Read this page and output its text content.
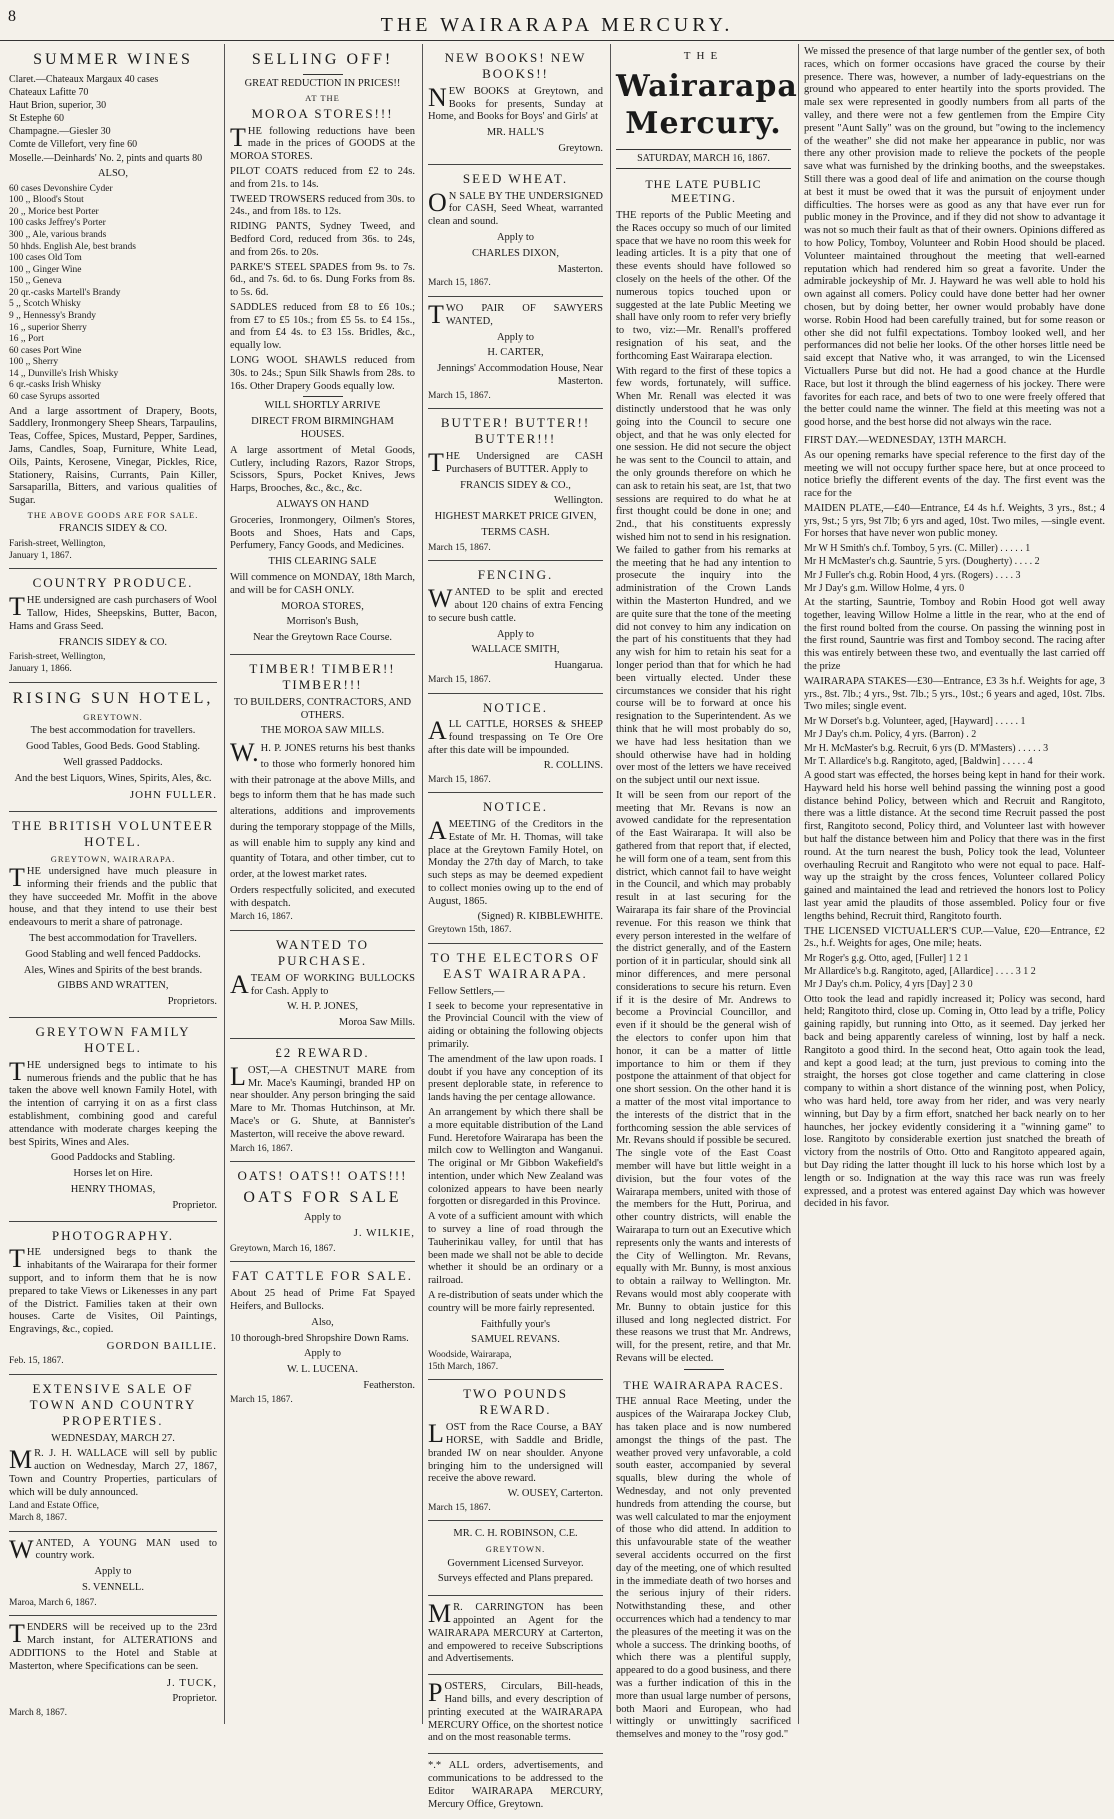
8	THE WAIRARAPA MERCURY.
SUMMER WINES
Claret.—Chateaux Margaux 40 cases
Chateaux Lafitte 70
Haut Brion, superior, 30
St Estephe 60
Champagne.—Giesler 30
Comte de Villefort, very fine 60
Moselle.—Deinhards' No. 2, pints and quarts 80
ALSO,
60 cases Devonshire Cyder
100 ,, Blood's Stout
20 ,, Morice best Porter
100 casks Jeffrey's Porter
300 ,, Ale, various brands
50 hhds. English Ale, best brands
100 cases Old Tom
100 ,, Ginger Wine
150 ,, Geneva
20 qr.-casks Martell's Brandy
5 ,, Scotch Whisky
9 ,, Hennessy's Brandy
16 ,, superior Sherry
16 ,, Port
60 cases Port Wine
100 ,, Sherry
14 ,, Dunville's Irish Whisky
6 qr.-casks Irish Whisky
60 case Syrups assorted
And a large assortment of Drapery, Boots, Saddlery, Ironmongery Sheep Shears, Tarpaulins, Teas, Coffee, Spices, Mustard, Pepper, Sardines, Jams, Candles, Soap, Furniture, White Lead, Oils, Paints, Kerosene, Vinegar, Pickles, Rice, Stationery, Raisins, Currants, Pain Killer, Sarsaparilla, Bitters, and various qualities of Sugar.
THE ABOVE GOODS ARE FOR SALE.
FRANCIS SIDEY & CO.
Farish-street, Wellington,
January 1, 1867.
COUNTRY PRODUCE.
THE undersigned are cash purchasers of Wool Tallow, Hides, Sheepskins, Butter, Bacon, Hams and Grass Seed.
FRANCIS SIDEY & CO.
Farish-street, Wellington,
January 1, 1866.
RISING SUN HOTEL,
GREYTOWN.
The best accommodation for travellers.
Good Tables, Good Beds. Good Stabling.
Well grassed Paddocks.
And the best Liquors, Wines, Spirits, Ales, &c.
JOHN FULLER.
THE BRITISH VOLUNTEER HOTEL.
GREYTOWN, WAIRARAPA.
THE undersigned have much pleasure in informing their friends and the public that they have succeeded Mr. Moffit in the above house, and that they intend to use their best endeavours to merit a share of patronage.
The best accommodation for Travellers.
Good Stabling and well fenced Paddocks.
Ales, Wines and Spirits of the best brands.
GIBBS AND WRATTEN,
Proprietors.
GREYTOWN FAMILY HOTEL.
THE undersigned begs to intimate to his numerous friends and the public that he has taken the above well known Family Hotel, with the intention of carrying it on as a first class establishment, combining good and careful attendance with moderate charges keeping the best Spirits, Wines and Ales.
Good Paddocks and Stabling.
Horses let on Hire.
HENRY THOMAS,
Proprietor.
PHOTOGRAPHY.
THE undersigned begs to thank the inhabitants of the Wairarapa for their former support, and to inform them that he is now prepared to take Views or Likenesses in any part of the District. Families taken at their own houses. Carte de Visites, Oil Paintings, Engravings, &c., copied.
GORDON BAILLIE.
Feb. 15, 1867.
EXTENSIVE SALE OF TOWN AND COUNTRY PROPERTIES.
WEDNESDAY, MARCH 27.
MR. J. H. WALLACE will sell by public auction on Wednesday, March 27, 1867, Town and Country Properties, particulars of which will be duly announced.
Land and Estate Office,
March 8, 1867.
WANTED, A YOUNG MAN used to country work.
Apply to
S. VENNELL.
Maroa, March 6, 1867.
TENDERS will be received up to the 23rd March instant, for ALTERATIONS and ADDITIONS to the Hotel and Stable at Masterton, where Specifications can be seen.
J. TUCK,
Proprietor.
March 8, 1867.
SELLING OFF!
GREAT REDUCTION IN PRICES!!
AT THE
MOROA STORES!!!
THE following reductions have been made in the prices of GOODS at the MOROA STORES.
PILOT COATS reduced from £2 to 24s. and from 21s. to 14s.
TWEED TROWSERS reduced from 30s. to 24s., and from 18s. to 12s.
RIDING PANTS, Sydney Tweed, and Bedford Cord, reduced from 36s. to 24s, and from 26s. to 20s.
PARKE'S STEEL SPADES from 9s. to 7s. 6d., and 7s. 6d. to 6s. Dung Forks from 8s. to 5s. 6d.
SADDLES reduced from £8 to £6 10s.; from £7 to £5 10s.; from £5 5s. to £4 15s., and from £4 4s. to £3 15s. Bridles, &c., equally low.
LONG WOOL SHAWLS reduced from 30s. to 24s.; Spun Silk Shawls from 28s. to 16s. Other Drapery Goods equally low.
WILL SHORTLY ARRIVE
DIRECT FROM BIRMINGHAM HOUSES.
A large assortment of Metal Goods, Cutlery, including Razors, Razor Strops, Scissors, Spurs, Pocket Knives, Jews Harps, Brooches, &c., &c., &c.
ALWAYS ON HAND
Groceries, Ironmongery, Oilmen's Stores, Boots and Shoes, Hats and Caps, Perfumery, Fancy Goods, and Medicines.
THIS CLEARING SALE
Will commence on MONDAY, 18th March, and will be for CASH ONLY.
MOROA STORES,
Morrison's Bush,
Near the Greytown Race Course.
TIMBER! TIMBER!! TIMBER!!!
TO BUILDERS, CONTRACTORS, AND OTHERS.
THE MOROA SAW MILLS.
W.H. P. JONES returns his best thanks to those who formerly honored him with their patronage at the above Mills, and begs to inform them that he has made such alterations, additions and improvements during the temporary stoppage of the Mills, as will enable him to supply any kind and quantity of Totara, and other timber, cut to order, at the lowest market rates.
Orders respectfully solicited, and executed with despatch.
March 16, 1867.
WANTED TO PURCHASE.
ATEAM OF WORKING BULLOCKS for Cash. Apply to
W. H. P. JONES,
Moroa Saw Mills.
£2 REWARD.
LOST,—A CHESTNUT MARE from Mr. Mace's Kaumingi, branded HP on near shoulder. Any person bringing the said Mare to Mr. Thomas Hutchinson, at Mr. Mace's or G. Shute, at Bannister's Masterton, will receive the above reward.
March 16, 1867.
OATS! OATS!! OATS!!!
OATS FOR SALE
Apply to
J. WILKIE,
Greytown, March 16, 1867.
FAT CATTLE FOR SALE.
About 25 head of Prime Fat Spayed Heifers, and Bullocks.
Also,
10 thorough-bred Shropshire Down Rams.
Apply to
W. L. LUCENA.
Featherston.
March 15, 1867.
NEW BOOKS! NEW BOOKS!!
NEW BOOKS at Greytown, and Books for presents, Sunday at Home, and Books for Boys' and Girls' at
MR. HALL'S
Greytown.
SEED WHEAT.
ON SALE BY THE UNDERSIGNED for CASH, Seed Wheat, warranted clean and sound.
Apply to
CHARLES DIXON,
Masterton.
March 15, 1867.
TWO PAIR OF SAWYERS WANTED,
Apply to
H. CARTER,
Jennings' Accommodation House, Near Masterton.
March 15, 1867.
BUTTER! BUTTER!! BUTTER!!!
THE Undersigned are CASH Purchasers of BUTTER. Apply to
FRANCIS SIDEY & CO.,
Wellington.
HIGHEST MARKET PRICE GIVEN,
TERMS CASH.
March 15, 1867.
FENCING.
WANTED to be split and erected about 120 chains of extra Fencing to secure bush cattle.
Apply to
WALLACE SMITH,
Huangarua.
March 15, 1867.
NOTICE.
ALL CATTLE, HORSES & SHEEP found trespassing on Te Ore Ore after this date will be impounded.
R. COLLINS.
March 15, 1867.
NOTICE.
AMEETING of the Creditors in the Estate of Mr. H. Thomas, will take place at the Greytown Family Hotel, on Monday the 27th day of March, to take such steps as may be deemed expedient to collect monies owing up to the end of August, 1865.
(Signed) R. KIBBLEWHITE.
Greytown 15th, 1867.
TO THE ELECTORS OF EAST WAIRARAPA.
Fellow Settlers,—
I seek to become your representative in the Provincial Council with the view of aiding or obtaining the following objects primarily.
The amendment of the law upon roads. I doubt if you have any conception of its present deplorable state, in reference to lands having the per centage allowance.
An arrangement by which there shall be a more equitable distribution of the Land Fund. Heretofore Wairarapa has been the milch cow to Wellington and Wanganui. The original or Mr Gibbon Wakefield's intention, under which New Zealand was colonized appears to have been nearly forgotten or disregarded in this Province.
A vote of a sufficient amount with which to survey a line of road through the Tauherinikau valley, for until that has been made we shall not be able to decide whether it should be an ordinary or a railroad.
A re-distribution of seats under which the country will be more fairly represented.
Faithfully your's
SAMUEL REVANS.
Woodside, Wairarapa,
15th March, 1867.
TWO POUNDS REWARD.
LOST from the Race Course, a BAY HORSE, with Saddle and Bridle, branded IW on near shoulder. Anyone bringing him to the undersigned will receive the above reward.
W. OUSEY, Carterton.
March 15, 1867.
MR. C. H. ROBINSON, C.E.
GREYTOWN.
Government Licensed Surveyor.
Surveys effected and Plans prepared.
MR. CARRINGTON has been appointed an Agent for the WAIRARAPA MERCURY at Carterton, and empowered to receive Subscriptions and Advertisements.
POSTERS, Circulars, Bill-heads, Hand bills, and every description of printing executed at the WAIRARAPA MERCURY Office, on the shortest notice and on the most reasonable terms.
*.* ALL orders, advertisements, and communications to be addressed to the Editor WAIRARAPA MERCURY, Mercury Office, Greytown.
THE
Wairarapa Mercury.
SATURDAY, MARCH 16, 1867.
THE LATE PUBLIC MEETING.
THE reports of the Public Meeting and the Races occupy so much of our limited space that we have no room this week for leading articles. It is a pity that one of these events should have followed so closely on the heels of the other. Of the numerous topics touched upon or suggested at the late Public Meeting we shall have only room to refer very briefly to two, viz:—Mr. Renall's proffered resignation of his seat, and the forthcoming East Wairarapa election.
With regard to the first of these topics a few words, fortunately, will suffice. When Mr. Renall was elected it was distinctly understood that he was only going into the Council to secure one object, and that he was only elected for one session. He did not secure the object he was sent to the Council to attain, and the only grounds therefore on which he can ask to retain his seat, are 1st, that two sessions are required to do what he at first thought could be done in one; and 2nd., that his constituents expressly wished him not to send in his resignation. We failed to gather from his remarks at the meeting that he had any intention to prosecute the inquiry into the administration of the Crown Lands within the Masterton Hundred, and we are quite sure that the tone of the meeting did not convey to him any indication on the part of his constituents that they had any wish for him to retain his seat for a longer period than that for which he had been virtually elected. Under these circumstances we consider that his right course will be to forward at once his resignation to the Superintendent. As we think that he will most probably do so, we have had less hesitation than we should otherwise have had in holding over most of the letters we have received on the subject until our next issue.
It will be seen from our report of the meeting that Mr. Revans is now an avowed candidate for the representation of the East Wairarapa. It will also be gathered from that report that, if elected, he will form one of a team, sent from this district, which cannot fail to have weight in the Council, and which may probably result in at last securing for the Wairarapa its fair share of the Provincial revenue. For this reason we think that every person interested in the welfare of the district generally, and of the Eastern portion of it in particular, should sink all minor differences, and mere personal considerations to secure his return. Even if it is the desire of Mr. Andrews to become a Provincial Councillor, and even if it should be the general wish of the electors to confer upon him that honor, it can be a matter of little importance to him or them if they postpone the attainment of that object for one short session. On the other hand it is a matter of the most vital importance to the interests of the district that in the forthcoming session the able services of Mr. Revans should if possible be secured. The single vote of the East Coast member will have but little weight in a division, but the four votes of the Wairarapa members, united with those of the members for the Hutt, Porirua, and other country districts, will enable the Wairarapa to turn out an Executive which represents only the wants and interests of the City of Wellington. Mr. Revans, equally with Mr. Bunny, is most anxious to obtain a railway to Wellington. Mr. Revans would most ably cooperate with Mr. Bunny to obtain justice for this illused and long neglected district. For these reasons we trust that Mr. Andrews, will, for the present, retire, and that Mr. Revans will be elected.
THE WAIRARAPA RACES.
THE annual Race Meeting, under the auspices of the Wairarapa Jockey Club, has taken place and is now numbered amongst the things of the past. The weather proved very unfavorable, a cold south easter, accompanied by several squalls, blew during the whole of Wednesday, and not only prevented hundreds from attending the course, but was well calculated to mar the enjoyment of those who did attend. In addition to this unfavourable state of the weather several accidents occurred on the first day of the meeting, one of which resulted in the immediate death of two horses and the serious injury of their riders. Notwithstanding these, and other occurrences which had a tendency to mar the pleasures of the meeting it was on the whole a success. The drinking booths, of which there was a plentiful supply, appeared to do a good business, and there was a further indication of this in the more than usual large number of persons, both Maori and European, who had wittingly or unwittingly sacrificed themselves and money to the "rosy god."
We missed the presence of that large number of the gentler sex, of both races, which on former occasions have graced the course by their presence. There was, however, a number of lady-equestrians on the ground who appeared to enter heartily into the sports provided. The male sex were represented in goodly numbers from all parts of the valley, and there were not a few gentlemen from the Empire City present "Aunt Sally" was on the ground, but "owing to the inclemency of the weather" she did not make her appearance in public, nor was there any other provision made to relieve the pockets of the people save what was furnished by the drinking booths, and the sweepstakes. Still there was a good deal of life and animation on the course though at best it must be owed that it was the pursuit of enjoyment under difficulties. The horses were as good as any that have ever run for public money in the Province, and if they did not show to advantage it was not so much their fault as that of their owners. Opinions differed as to how Policy, Tomboy, Volunteer and Robin Hood should be placed. Volunteer maintained throughout the meeting that well-earned reputation which had rendered him so great a favorite. Under the admirable jockeyship of Mr. J. Hayward he was well able to hold his own against all comers. Policy could have done better had her owner chosen, but by doing better, her owner would probably have done worse. Robin Hood had been carefully trained, but for some reason or other she did not fulfil expectations. Tomboy looked well, and her performances did not belie her looks. Of the other horses little need be said except that Native who, it was arranged, to win the Licensed Victuallers Purse but did not. He had a good chance at the Hurdle Race, but lost it through the blind eagerness of his jockey. There were favorites for each race, and bets of two to one were freely offered that the better could name the winner. The field at this meeting was not a good horse, and the best horse did not always win the race.
FIRST DAY.—WEDNESDAY, 13TH MARCH.
As our opening remarks have special reference to the first day of the meeting we will not occupy further space here, but at once proceed to notice briefly the different events of the day. The first event was the race for the
MAIDEN PLATE,—£40—Entrance, £4 4s h.f. Weights, 3 yrs., 8st.; 4 yrs, 9st.; 5 yrs, 9st 7lb; 6 yrs and aged, 10st. Two miles, —single event. For horses that have never won public money.
Mr W H Smith's ch.f. Tomboy, 5 yrs. (C. Miller) . . . . . 1
Mr H McMaster's ch.g. Sauntrie, 5 yrs. (Dougherty) . . . . 2
Mr J Fuller's ch.g. Robin Hood, 4 yrs. (Rogers) . . . . 3
Mr J Day's g.m. Willow Holme, 4 yrs. 0
At the starting, Sauntrie, Tomboy and Robin Hood got well away together, leaving Willow Holme a little in the rear, who at the end of the first round bolted from the course. On passing the winning post in the first round, Sauntrie was first and Tomboy second. The racing after this was entirely between these two, and eventually the last carried off the prize
WAIRARAPA STAKES—£30—Entrance, £3 3s h.f. Weights for age, 3 yrs., 8st. 7lb.; 4 yrs., 9st. 7lb.; 5 yrs., 10st.; 6 years and aged, 10st. 7lbs. Two miles; single event.
Mr W Dorset's b.g. Volunteer, aged, [Hayward] . . . . . 1
Mr J Day's ch.m. Policy, 4 yrs. (Barron) . 2
Mr H. McMaster's b.g. Recruit, 6 yrs (D. M'Masters) . . . . . 3
Mr T. Allardice's b.g. Rangitoto, aged, [Baldwin] . . . . . 4
A good start was effected, the horses being kept in hand for their work. Hayward held his horse well behind passing the winning post a good distance behind Policy, between which and Recruit and Rangitoto, there was a little distance. At the second time Recruit passed the post first, Rangitoto second, Policy third, and Volunteer last with however but half the distance between him and Policy that there was in the first round. At the turn nearest the bush, Policy took the lead, Volunteer overhauling Recruit and Rangitoto who were not equal to pace. Half-way up the straight by the cross fences, Volunteer collared Policy gained and maintained the lead and retrieved the honors lost to Policy last year amid the plaudits of those assembled. Policy four or five lengths behind, Recruit third, Rangitoto fourth.
THE LICENSED VICTUALLER'S CUP.—Value, £20—Entrance, £2 2s., h.f. Weights for ages, One mile; heats.
Mr Roger's g.g. Otto, aged, [Fuller] 1 2 1
Mr Allardice's b.g. Rangitoto, aged, [Allardice] . . . . 3 1 2
Mr J Day's ch.m. Policy, 4 yrs [Day] 2 3 0
Otto took the lead and rapidly increased it; Policy was second, hard held; Rangitoto third, close up. Coming in, Otto lead by a trifle, Policy gaining rapidly, but running into Otto, as it seemed. Day jerked her back and being apparently careless of winning, lost by half a neck. Rangitoto a good third. In the second heat, Otto again took the lead, and kept a good lead; at the turn, just previous to coming into the straight, the horses got close together and came clattering in close company to within a short distance of the winning post, when Policy, who was hard held, tore away from her rider, and was very nearly winning, but Day by a firm effort, snatched her back nearly on to her haunches, her jockey evidently considering it a "winning game" to lose. Rangitoto by considerable exertion just snatched the breath of victory from the nostrils of Otto. Otto and Rangitoto appeared again, but Day riding the latter thought ill luck to his horse which lost by a length or so. Indignation at the way this race was run was freely expressed, and a protest was entered against Day which was however decided in his favor.
